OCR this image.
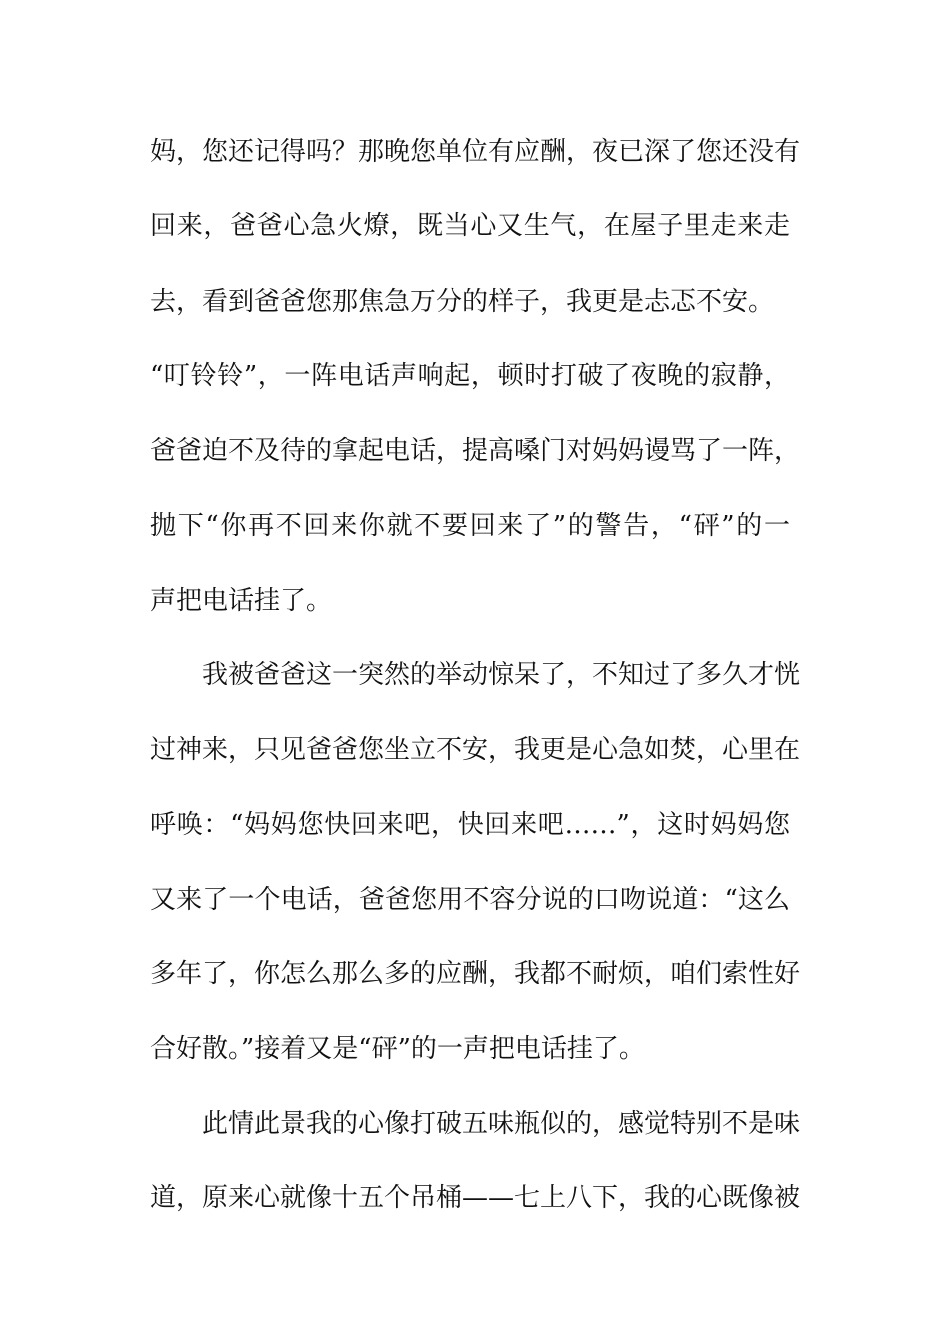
妈，您还记得吗？那晚您单位有应酬，夜已深了您还没有
回来，爸爸心急火燎，既当心又生气，在屋子里走来走
去，看到爸爸您那焦急万分的样子，我更是忐忑不安。
“叮铃铃”，一阵电话声响起，顿时打破了夜晚的寂静，
爸爸迫不及待的拿起电话，提高嗓门对妈妈谩骂了一阵，
抛下“你再不回来你就不要回来了”的警告，“砰”的一
声把电话挂了。
我被爸爸这一突然的举动惊呆了，不知过了多久才恍
过神来，只见爸爸您坐立不安，我更是心急如焚，心里在
呼唤：“妈妈您快回来吧，快回来吧……”，这时妈妈您
又来了一个电话，爸爸您用不容分说的口吻说道：“这么
多年了，你怎么那么多的应酬，我都不耐烦，咱们索性好
合好散。”接着又是“砰”的一声把电话挂了。
此情此景我的心像打破五味瓶似的，感觉特别不是味
道，原来心就像十五个吊桶——七上八下，我的心既像被
